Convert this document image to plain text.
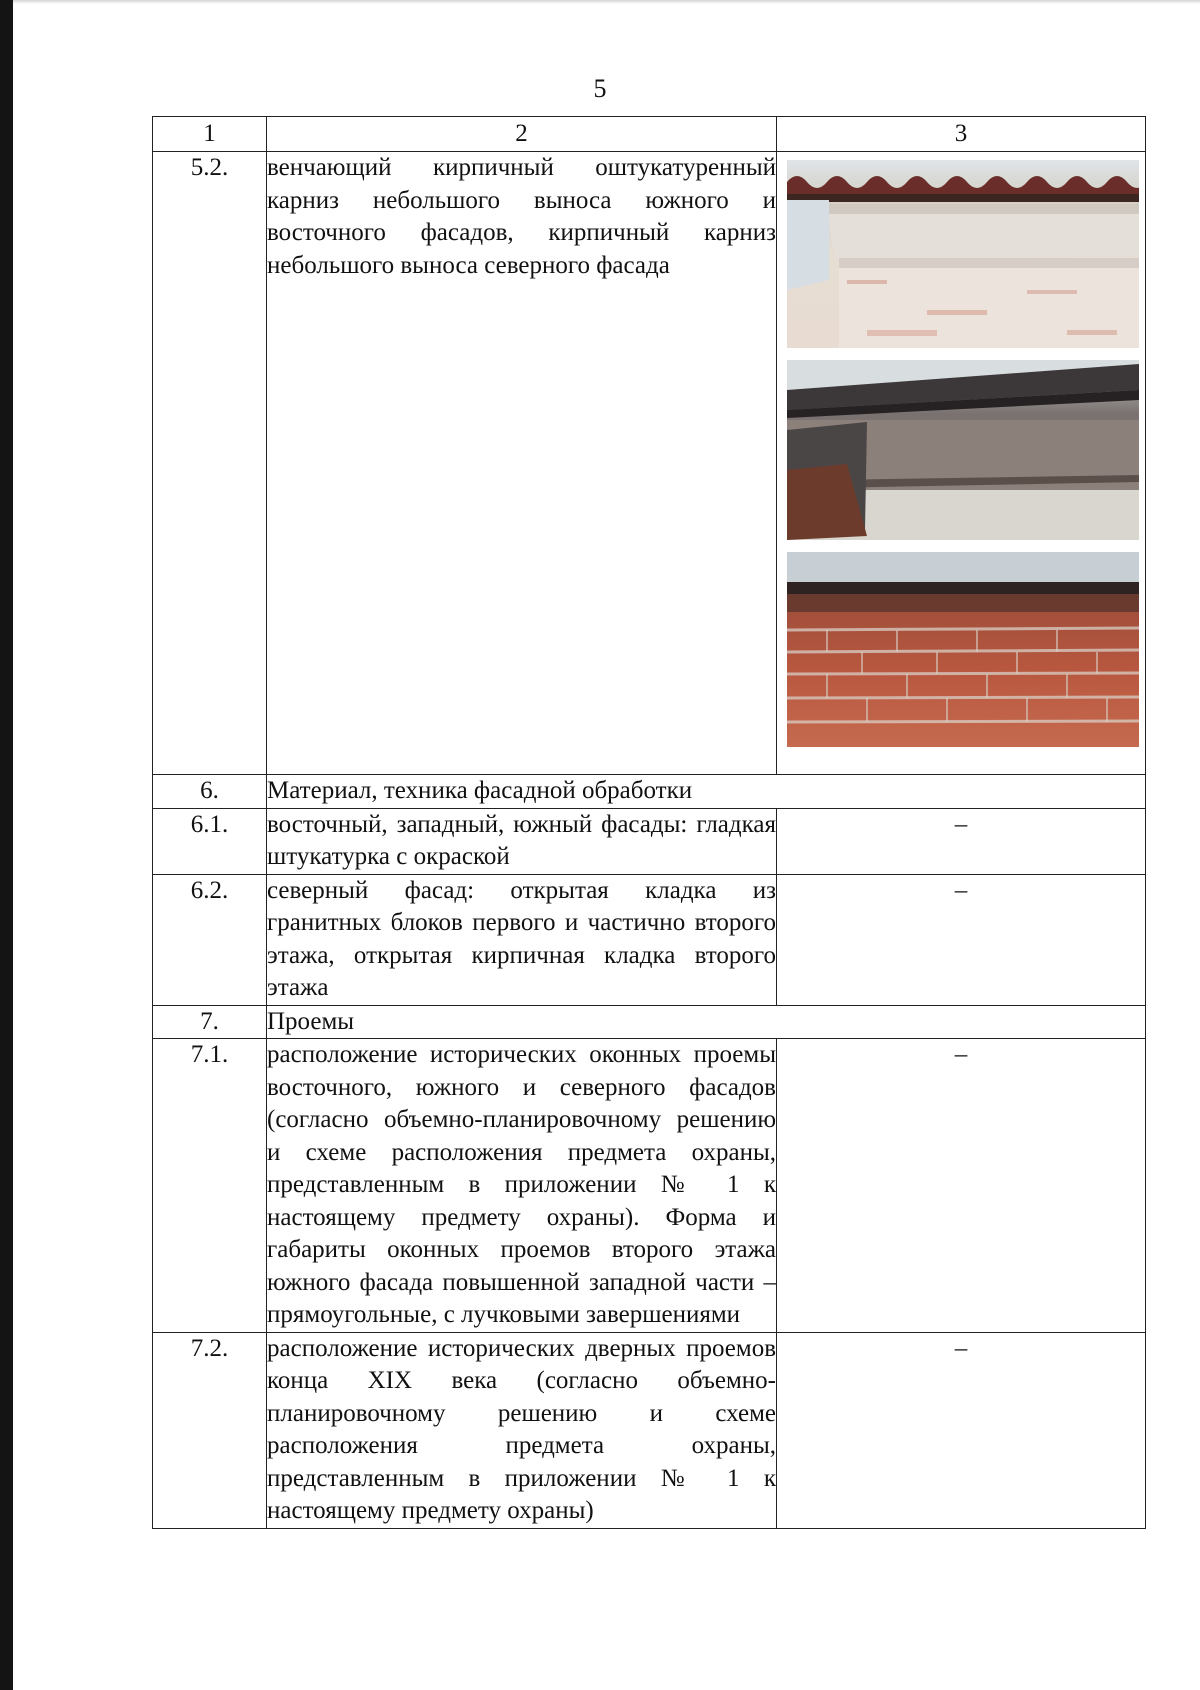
5
1	2	3
5.2.	венчающий кирпичный оштукатуренный карниз небольшого выноса южного и восточного фасадов, кирпичный карниз небольшого выноса северного фасада	

6.	Материал, техника фасадной обработки	
6.1.	восточный, западный, южный фасады: гладкая штукатурка с окраской	–
6.2.	северный фасад: открытая кладка из гранитных блоков первого и частично второго этажа, открытая кирпичная кладка второго этажа	–
7.	Проемы	
7.1.	расположение исторических оконных проемы восточного, южного и северного фасадов (согласно объемно-планировочному решению и схеме расположения предмета охраны, представленным в приложении № 1 к настоящему предмету охраны). Форма и габариты оконных проемов второго этажа южного фасада повышенной западной части – прямоугольные, с лучковыми завершениями	–
7.2.	расположение исторических дверных проемов конца XIX века (согласно объемно-планировочному решению и схеме расположения предмета охраны, представленным в приложении № 1 к настоящему предмету охраны)	–
